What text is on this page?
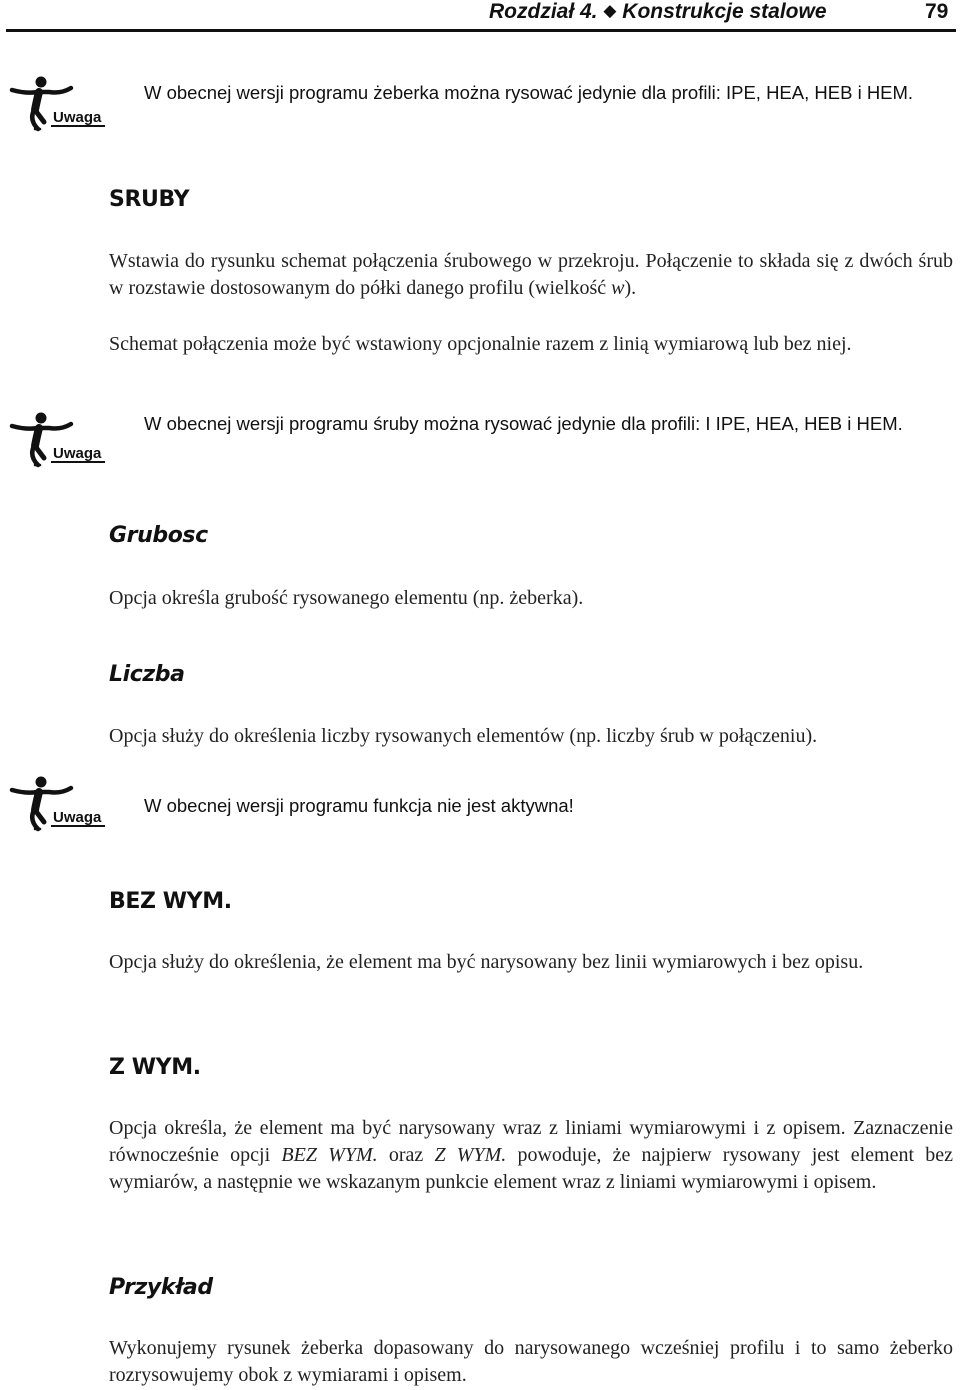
Rozdział 4. ◆ Konstrukcje stalowe	79
Uwaga
W obecnej wersji programu żeberka można rysować jedynie dla profili: IPE, HEA, HEB i HEM.
SRUBY

Wstawia do rysunku schemat połączenia śrubowego w przekroju. Połączenie to składa się z dwóch śrub w rozstawie dostosowanym do półki danego profilu (wielkość w).

Schemat połączenia może być wstawiony opcjonalnie razem z linią wymiarową lub bez niej.
Uwaga
W obecnej wersji programu śruby można rysować jedynie dla profili: I IPE, HEA, HEB i HEM.
Grubosc
Opcja określa grubość rysowanego elementu (np. żeberka).
Liczba
Opcja służy do określenia liczby rysowanych elementów (np. liczby śrub w połączeniu).
Uwaga
W obecnej wersji programu funkcja nie jest aktywna!
BEZ WYM.
Opcja służy do określenia, że element ma być narysowany bez linii wymiarowych i bez opisu.
Z WYM.

Opcja określa, że element ma być narysowany wraz z liniami wymiarowymi i z opisem. Zaznaczenie równocześnie opcji BEZ WYM. oraz Z WYM. powoduje, że najpierw rysowany jest element bez wymiarów, a następnie we wskazanym punkcie element wraz z liniami wymiarowymi i opisem.

Przykład
Wykonujemy rysunek żeberka dopasowany do narysowanego wcześniej profilu i to samo żeberko rozrysowujemy obok z wymiarami i opisem.
